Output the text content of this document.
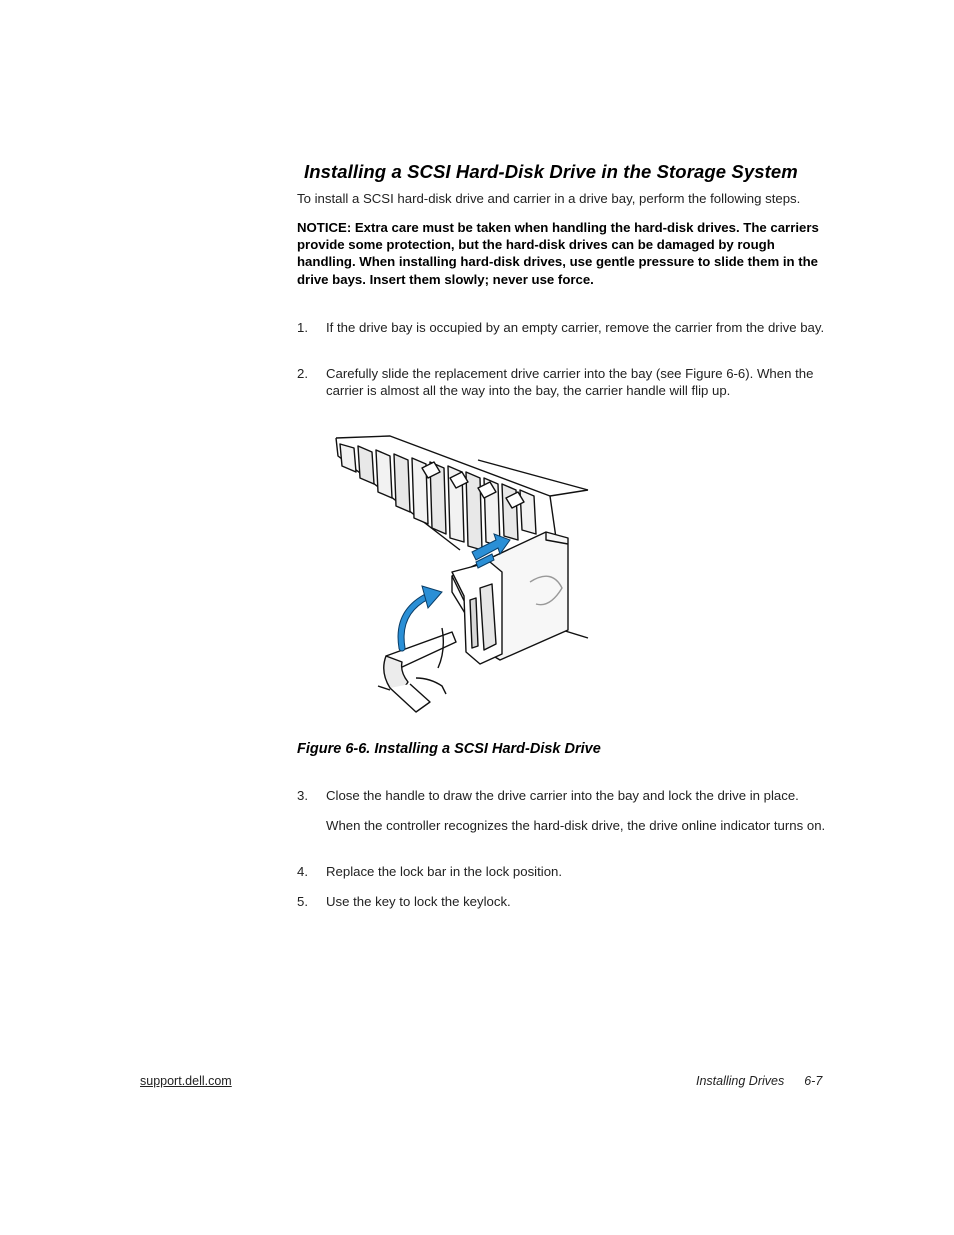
Installing a SCSI Hard-Disk Drive in the Storage System

To install a SCSI hard-disk drive and carrier in a drive bay, perform the following steps.

NOTICE: Extra care must be taken when handling the hard-disk drives. The carriers provide some protection, but the hard-disk drives can be damaged by rough handling. When installing hard-disk drives, use gentle pressure to slide them in the drive bays. Insert them slowly; never use force.

1. If the drive bay is occupied by an empty carrier, remove the carrier from the drive bay.
2. Carefully slide the replacement drive carrier into the bay (see Figure 6-6). When the carrier is almost all the way into the bay, the carrier handle will flip up.

Figure 6-6. Installing a SCSI Hard-Disk Drive

3. Close the handle to draw the drive carrier into the bay and lock the drive in place.
When the controller recognizes the hard-disk drive, the drive online indicator turns on.
4. Replace the lock bar in the lock position.
5. Use the key to lock the keylock.
support.dell.com	Installing Drives 6-7
